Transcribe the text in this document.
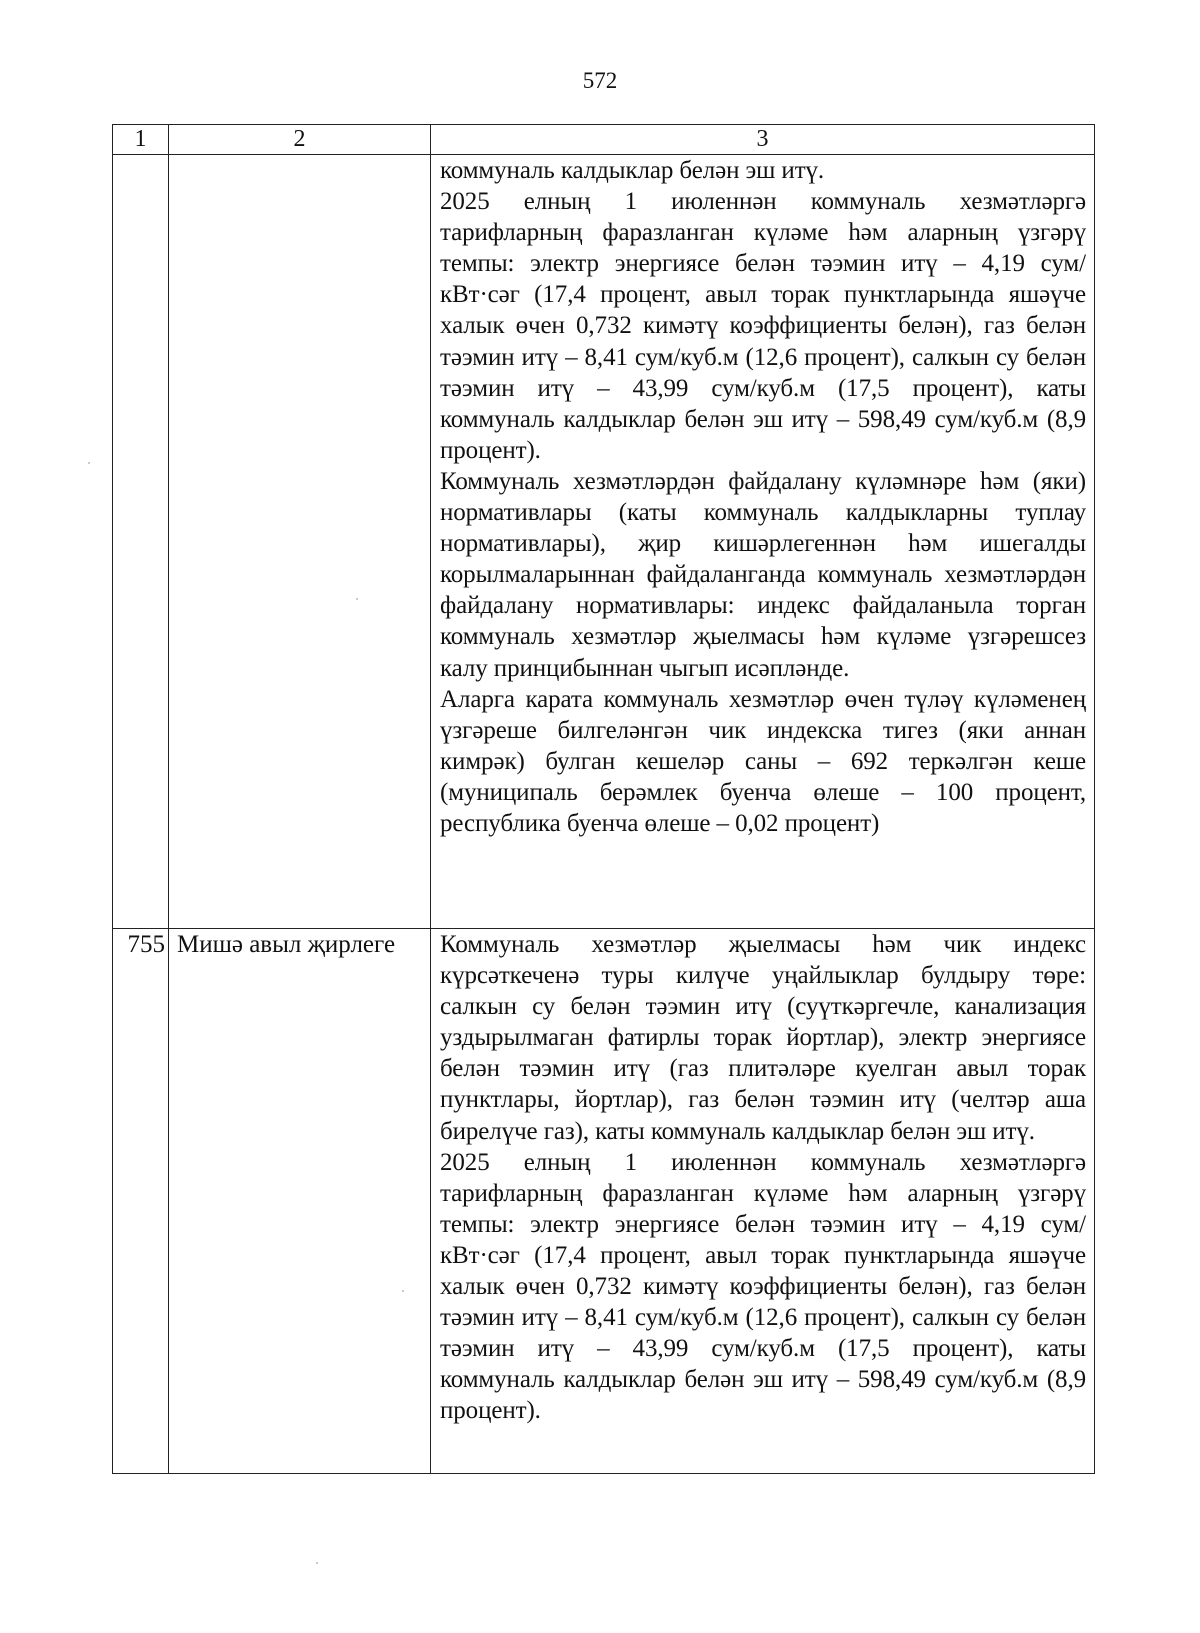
572
1	2	3

		коммуналь калдыклар белән эш итү.

2025 елның 1 июленнән коммуналь хезмәтләргә тарифларның фаразланган күләме һәм аларның үзгәрү темпы: электр энергиясе белән тәэмин итү – 4,19 сум/кВт·сәг (17,4 процент, авыл торак пунктларында яшәүче халык өчен 0,732 кимәтү коэффициенты белән), газ белән тәэмин итү – 8,41 сум/куб.м (12,6 процент), салкын су белән тәэмин итү – 43,99 сум/куб.м (17,5 процент), каты коммуналь калдыклар белән эш итү – 598,49 сум/куб.м (8,9 процент).

Коммуналь хезмәтләрдән файдалану күләмнәре һәм (яки) нормативлары (каты коммуналь калдыкларны туплау нормативлары), җир кишәрлегеннән һәм ишегалды корылмаларыннан файдаланганда коммуналь хезмәтләрдән файдалану нормативлары: индекс файдаланыла торган коммуналь хезмәтләр җыелмасы һәм күләме үзгәрешсез калу принцибыннан чыгып исәпләнде.

Аларга карата коммуналь хезмәтләр өчен түләү күләменең үзгәреше билгеләнгән чик индекска тигез (яки аннан кимрәк) булган кешеләр саны – 692 теркәлгән кеше (муниципаль берәмлек буенча өлеше – 100 процент, республика буенча өлеше – 0,02 процент)

755	Мишә авыл җирлеге	Коммуналь хезмәтләр җыелмасы һәм чик индекс күрсәткеченә туры килүче уңайлыклар булдыру төре: салкын су белән тәэмин итү (суүткәргечле, канализация уздырылмаган фатирлы торак йортлар), электр энергиясе белән тәэмин итү (газ плитәләре куелган авыл торак пунктлары, йортлар), газ белән тәэмин итү (челтәр аша бирелүче газ), каты коммуналь калдыклар белән эш итү.

2025 елның 1 июленнән коммуналь хезмәтләргә тарифларның фаразланган күләме һәм аларның үзгәрү темпы: электр энергиясе белән тәэмин итү – 4,19 сум/кВт·сәг (17,4 процент, авыл торак пунктларында яшәүче халык өчен 0,732 кимәтү коэффициенты белән), газ белән тәэмин итү – 8,41 сум/куб.м (12,6 процент), салкын су белән тәэмин итү – 43,99 сум/куб.м (17,5 процент), каты коммуналь калдыклар белән эш итү – 598,49 сум/куб.м (8,9 процент).
